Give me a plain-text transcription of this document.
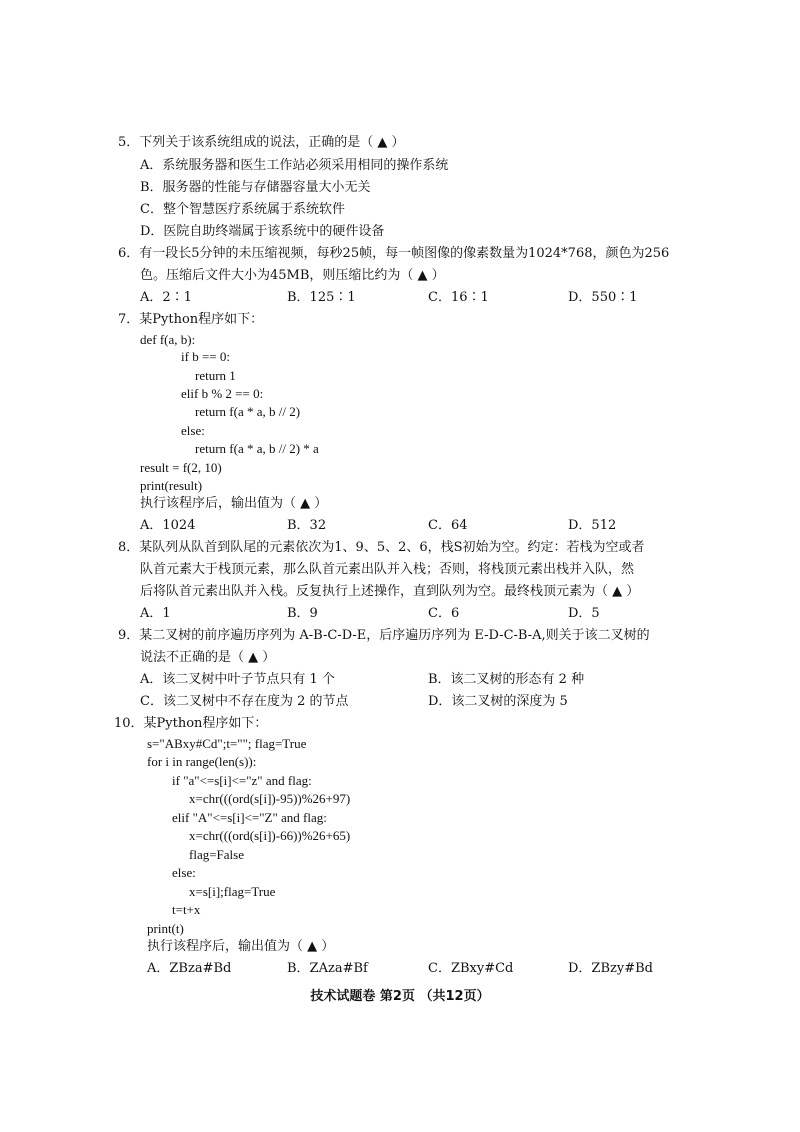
5．下列关于该系统组成的说法，正确的是（ ▲ ）
A．系统服务器和医生工作站必须采用相同的操作系统
B．服务器的性能与存储器容量大小无关
C．整个智慧医疗系统属于系统软件
D．医院自助终端属于该系统中的硬件设备
6．有一段长5分钟的未压缩视频，每秒25帧，每一帧图像的像素数量为1024*768，颜色为256
色。压缩后文件大小为45MB，则压缩比约为（ ▲ ）
A．2∶1	B．125∶1	C．16∶1	D．550∶1
7．某Python程序如下：
def f(a, b):
if b == 0:
return 1
elif b % 2 == 0:
return f(a * a, b // 2)
else:
return f(a * a, b // 2) * a
result = f(2, 10)
print(result)
执行该程序后，输出值为（ ▲ ）
A．1024	B．32	C．64	D．512
8．某队列从队首到队尾的元素依次为1、9、5、2、6，栈S初始为空。约定：若栈为空或者
队首元素大于栈顶元素，那么队首元素出队并入栈；否则，将栈顶元素出栈并入队，然
后将队首元素出队并入栈。反复执行上述操作，直到队列为空。最终栈顶元素为（ ▲ ）
A．1	B．9	C．6	D．5
9．某二叉树的前序遍历序列为 A-B-C-D-E，后序遍历序列为 E-D-C-B-A,则关于该二叉树的
说法不正确的是（ ▲ ）
A．该二叉树中叶子节点只有 1 个	B．该二叉树的形态有 2 种
C．该二叉树中不存在度为 2 的节点	D．该二叉树的深度为 5
10．某Python程序如下：
s="ABxy#Cd";t=""; flag=True
for i in range(len(s)):
if "a"<=s[i]<="z" and flag:
x=chr(((ord(s[i])-95))%26+97)
elif "A"<=s[i]<="Z" and flag:
x=chr(((ord(s[i])-66))%26+65)
flag=False
else:
x=s[i];flag=True
t=t+x
print(t)
执行该程序后，输出值为（ ▲ ）
A．ZBza#Bd	B．ZAza#Bf	C．ZBxy#Cd	D．ZBzy#Bd
技术试题卷 第2页 （共12页）
